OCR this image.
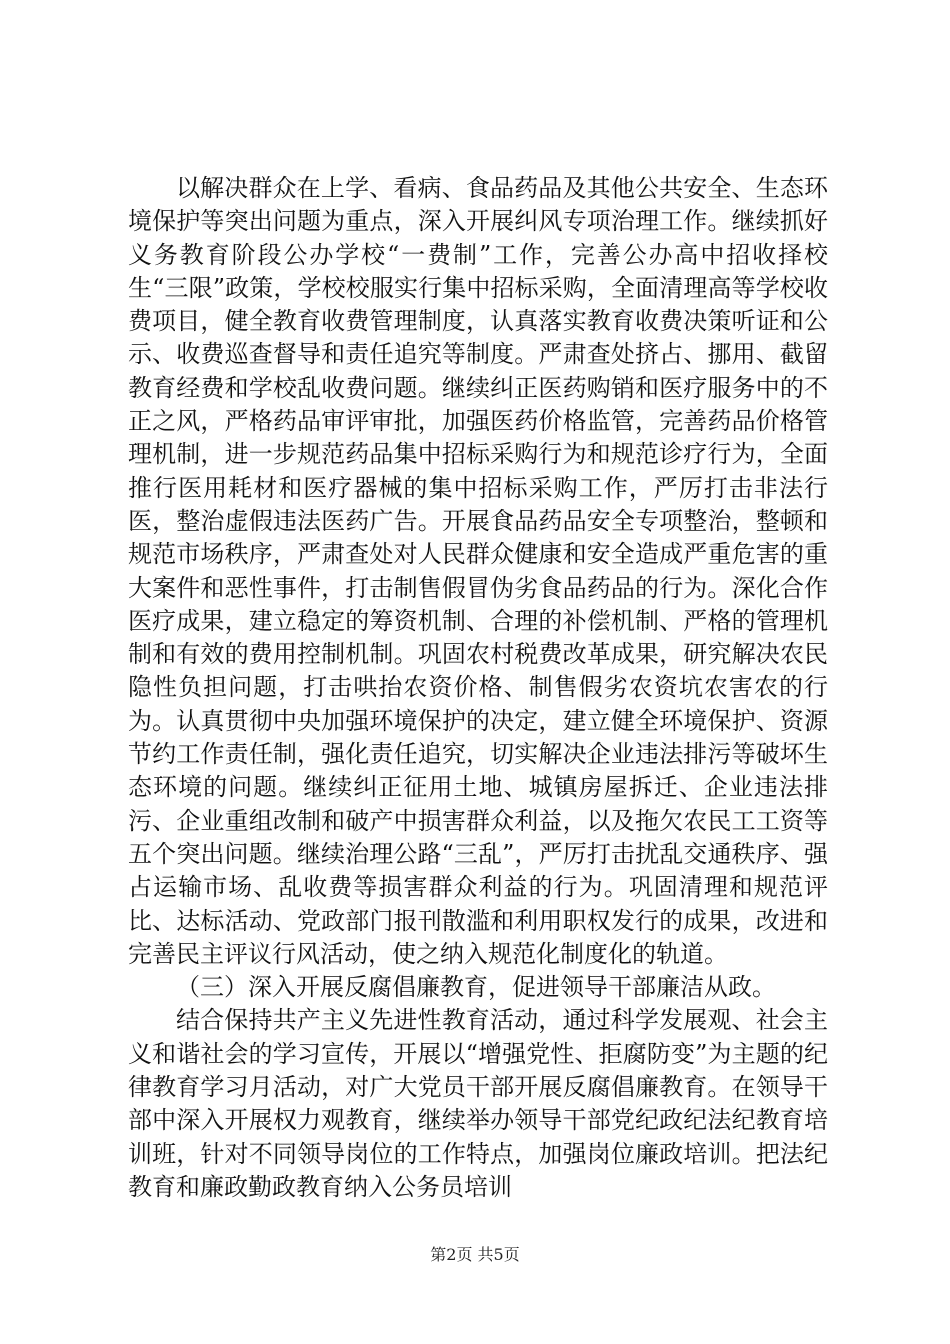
以解决群众在上学、看病、食品药品及其他公共安全、生态环境保护等突出问题为重点，深入开展纠风专项治理工作。继续抓好义务教育阶段公办学校“一费制”工作，完善公办高中招收择校生“三限”政策，学校校服实行集中招标采购，全面清理高等学校收费项目，健全教育收费管理制度，认真落实教育收费决策听证和公示、收费巡查督导和责任追究等制度。严肃查处挤占、挪用、截留教育经费和学校乱收费问题。继续纠正医药购销和医疗服务中的不正之风，严格药品审评审批，加强医药价格监管，完善药品价格管理机制，进一步规范药品集中招标采购行为和规范诊疗行为，全面推行医用耗材和医疗器械的集中招标采购工作，严厉打击非法行医，整治虚假违法医药广告。开展食品药品安全专项整治，整顿和规范市场秩序，严肃查处对人民群众健康和安全造成严重危害的重大案件和恶性事件，打击制售假冒伪劣食品药品的行为。深化合作医疗成果，建立稳定的筹资机制、合理的补偿机制、严格的管理机制和有效的费用控制机制。巩固农村税费改革成果，研究解决农民隐性负担问题，打击哄抬农资价格、制售假劣农资坑农害农的行为。认真贯彻中央加强环境保护的决定，建立健全环境保护、资源节约工作责任制，强化责任追究，切实解决企业违法排污等破坏生态环境的问题。继续纠正征用土地、城镇房屋拆迁、企业违法排污、企业重组改制和破产中损害群众利益，以及拖欠农民工工资等五个突出问题。继续治理公路“三乱”，严厉打击扰乱交通秩序、强占运输市场、乱收费等损害群众利益的行为。巩固清理和规范评比、达标活动、党政部门报刊散滥和利用职权发行的成果，改进和完善民主评议行风活动，使之纳入规范化制度化的轨道。

（三）深入开展反腐倡廉教育，促进领导干部廉洁从政。

结合保持共产主义先进性教育活动，通过科学发展观、社会主义和谐社会的学习宣传，开展以“增强党性、拒腐防变”为主题的纪律教育学习月活动，对广大党员干部开展反腐倡廉教育。在领导干部中深入开展权力观教育，继续举办领导干部党纪政纪法纪教育培训班，针对不同领导岗位的工作特点，加强岗位廉政培训。把法纪教育和廉政勤政教育纳入公务员培训

第2页 共5页
